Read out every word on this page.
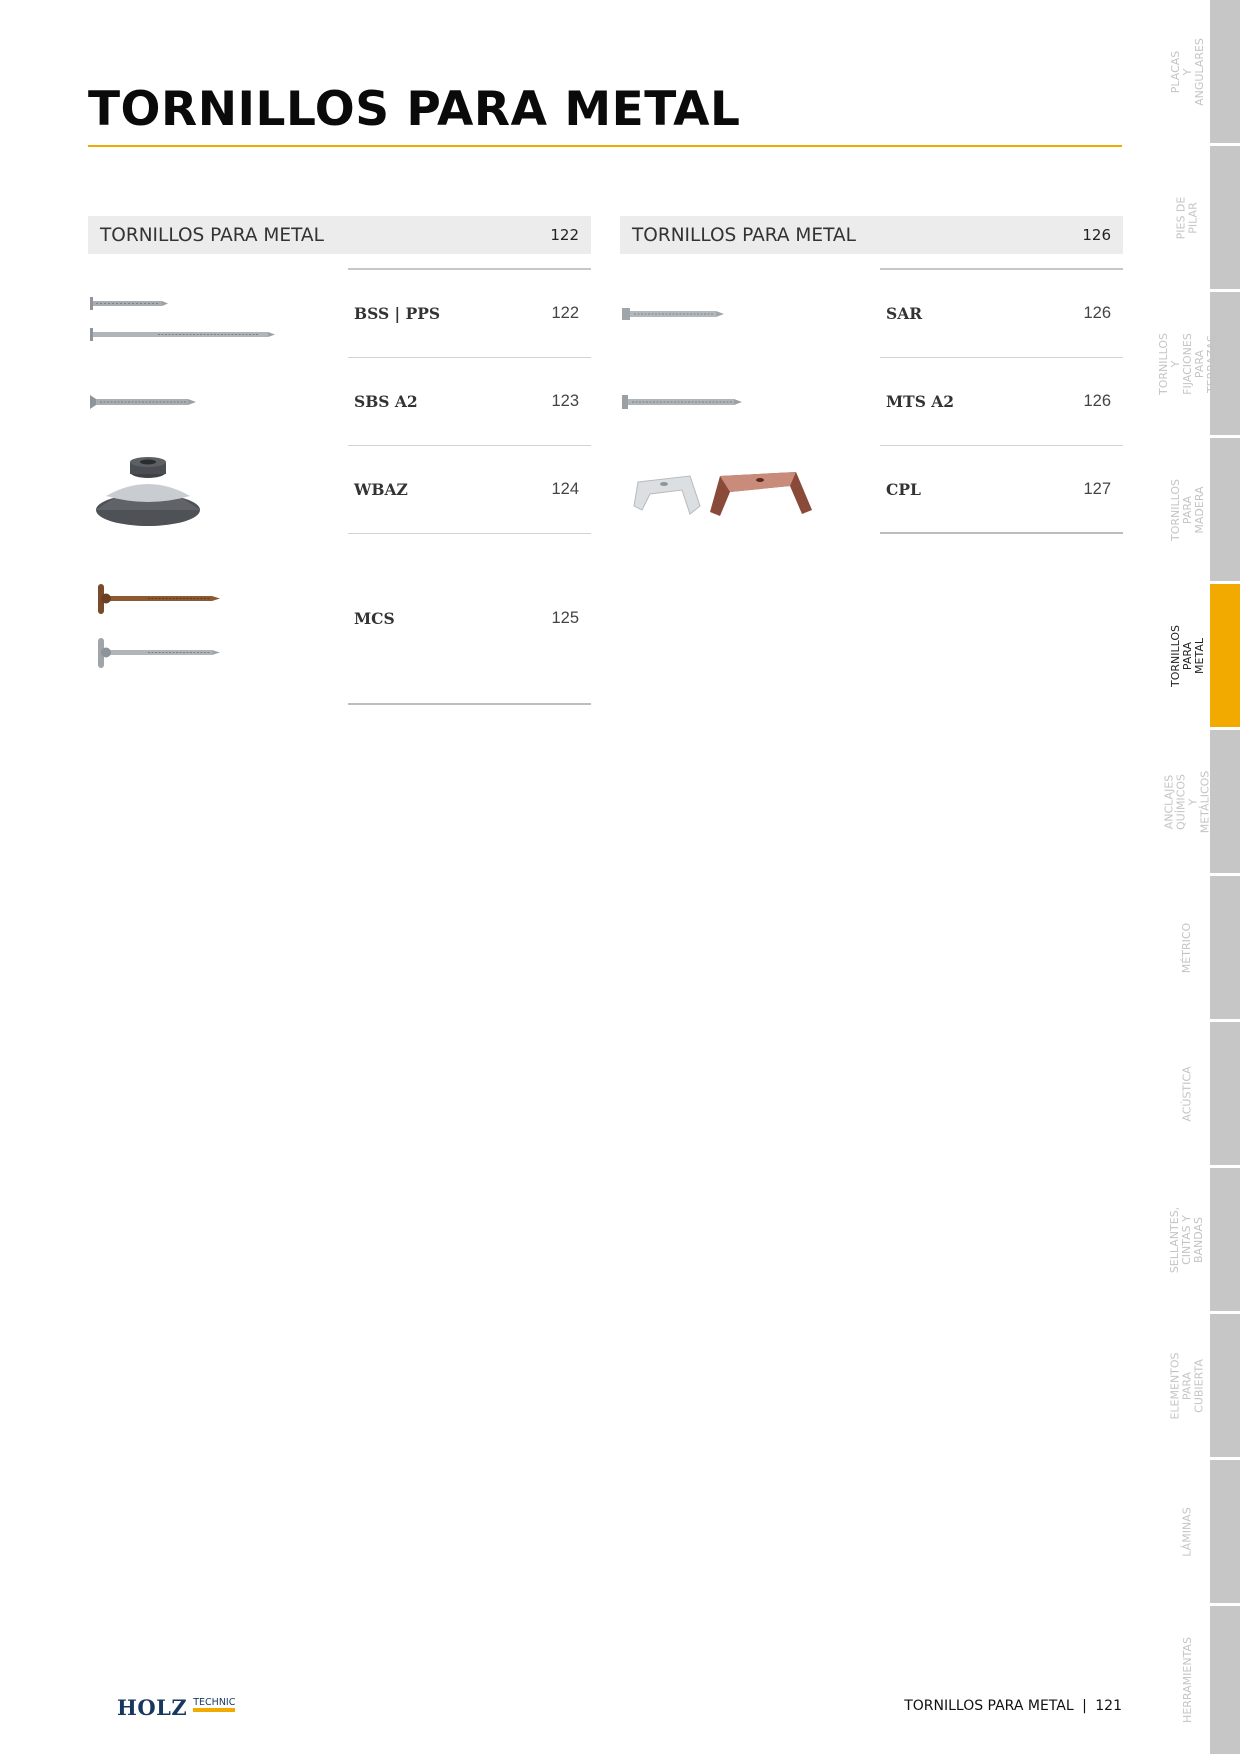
TORNILLOS PARA METAL
TORNILLOS PARA METAL	122
BSS | PPS	122
SBS A2	123
WBAZ	124
MCS	125
TORNILLOS PARA METAL	126
SAR	126
MTS A2	126
CPL	127
PLACAS
Y ANGULARES
PIES DE PILAR
TORNILLOS Y
FIJACIONES
PARA TERRAZAS
TORNILLOS PARA
MADERA
TORNILLOS PARA
METAL
ANCLAJES QUÍMICOS Y
METÁLICOS
MÉTRICO
ACÚSTICA
SELLANTES, CINTAS Y
BANDAS
ELEMENTOS PARA
CUBIERTA
LÁMINAS
HERRAMIENTAS
HOLZ TECHNIC	TORNILLOS PARA METAL | 121
